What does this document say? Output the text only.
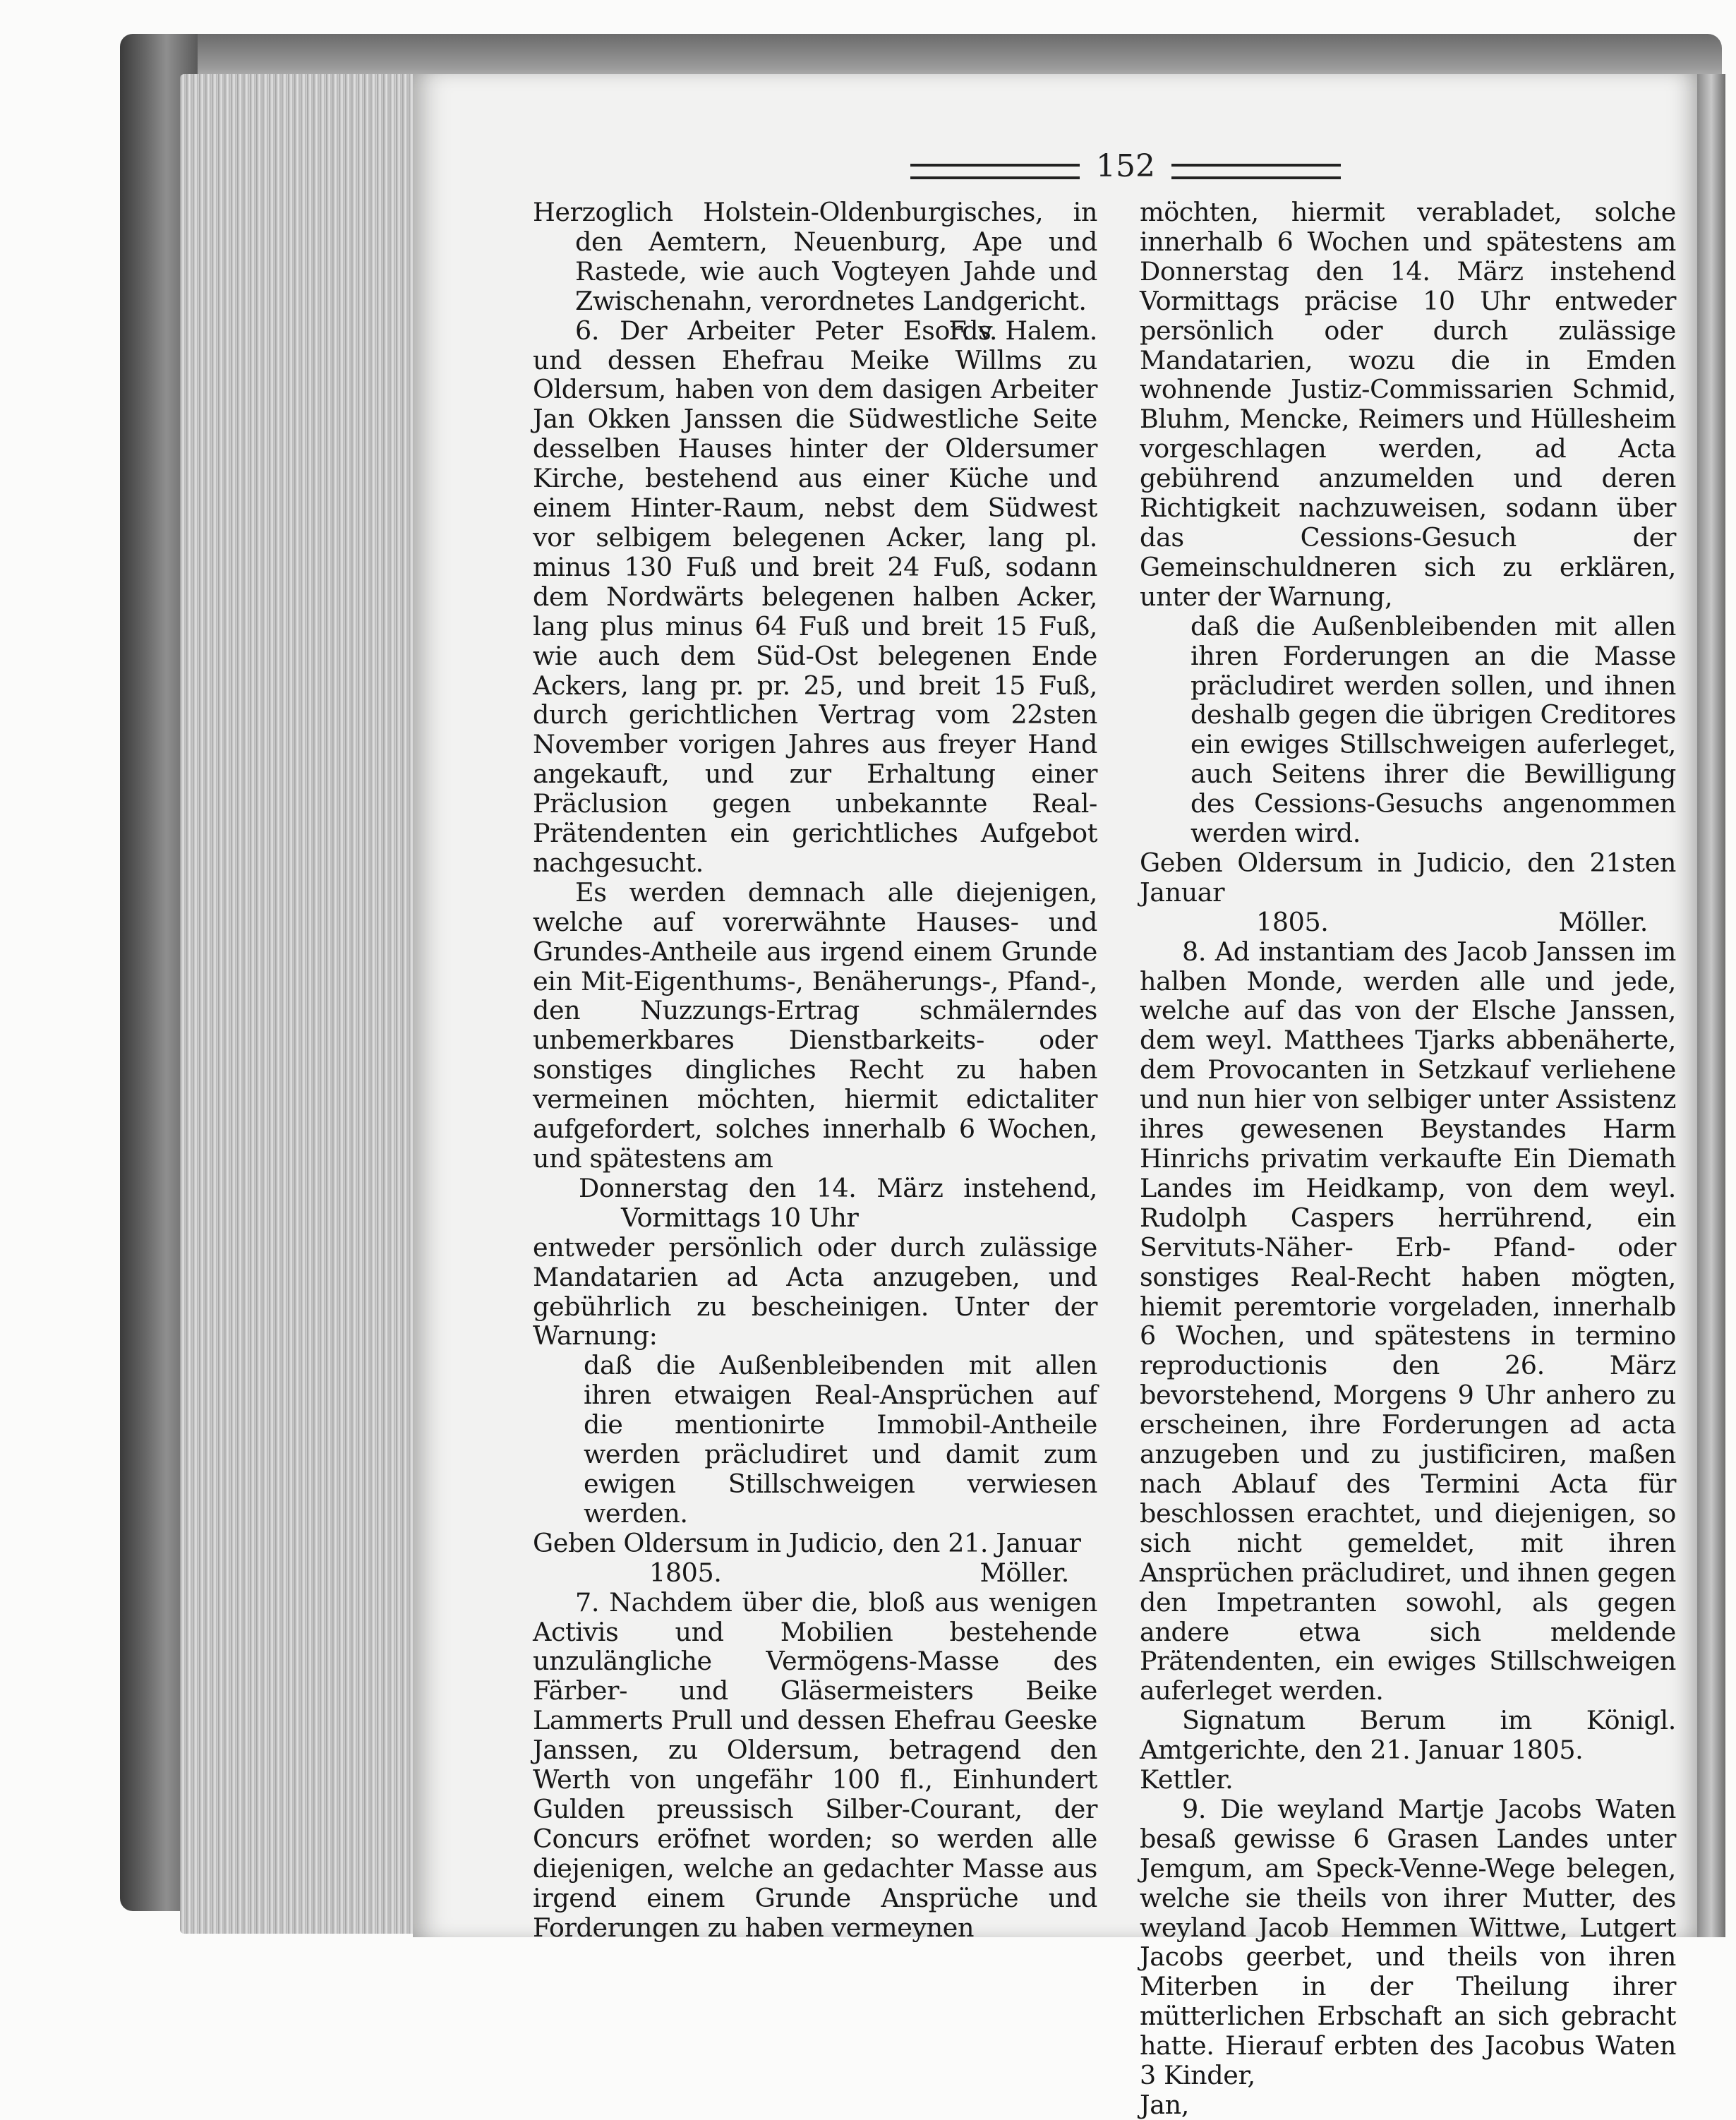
152

Herzoglich Holstein-Oldenburgisches, in den Aemtern, Neuenburg, Ape und Rastede, wie auch Vogteyen Jahde und Zwischenahn, verordnetes Landgericht.
F. v. Halem.

6. Der Arbeiter Peter Esords und dessen Ehefrau Meike Willms zu Oldersum, haben von dem dasigen Arbeiter Jan Okken Janssen die Südwestliche Seite desselben Hauses hinter der Oldersumer Kirche, bestehend aus einer Küche und einem Hinter-Raum, nebst dem Südwest vor selbigem belegenen Acker, lang pl. minus 130 Fuß und breit 24 Fuß, sodann dem Nordwärts belegenen halben Acker, lang plus minus 64 Fuß und breit 15 Fuß, wie auch dem Süd-Ost belegenen Ende Ackers, lang pr. pr. 25, und breit 15 Fuß, durch gerichtlichen Vertrag vom 22sten November vorigen Jahres aus freyer Hand angekauft, und zur Erhaltung einer Präclusion gegen unbekannte Real-Prätendenten ein gerichtliches Aufgebot nachgesucht.

Es werden demnach alle diejenigen, welche auf vorerwähnte Hauses- und Grundes-Antheile aus irgend einem Grunde ein Mit-Eigenthums-, Benäherungs-, Pfand-, den Nuzzungs-Ertrag schmälerndes unbemerkbares Dienstbarkeits- oder sonstiges dingliches Recht zu haben vermeinen möchten, hiermit edictaliter aufgefordert, solches innerhalb 6 Wochen, und spätestens am

Donnerstag den 14. März instehend, Vormittags 10 Uhr

entweder persönlich oder durch zulässige Mandatarien ad Acta anzugeben, und gebührlich zu bescheinigen. Unter der Warnung:

daß die Außenbleibenden mit allen ihren etwaigen Real-Ansprüchen auf die mentionirte Immobil-Antheile werden präcludiret und damit zum ewigen Stillschweigen verwiesen werden.

Geben Oldersum in Judicio, den 21. Januar

1805.	Möller.

7. Nachdem über die, bloß aus wenigen Activis und Mobilien bestehende unzulängliche Vermögens-Masse des Färber- und Gläsermeisters Beike Lammerts Prull und dessen Ehefrau Geeske Janssen, zu Oldersum, betragend den Werth von ungefähr 100 fl., Einhundert Gulden preussisch Silber-Courant, der Concurs eröfnet worden; so werden alle diejenigen, welche an gedachter Masse aus irgend einem Grunde Ansprüche und Forderungen zu haben vermeynen

möchten, hiermit verabladet, solche innerhalb 6 Wochen und spätestens am Donnerstag den 14. März instehend Vormittags präcise 10 Uhr entweder persönlich oder durch zulässige Mandatarien, wozu die in Emden wohnende Justiz-Commissarien Schmid, Bluhm, Mencke, Reimers und Hüllesheim vorgeschlagen werden, ad Acta gebührend anzumelden und deren Richtigkeit nachzuweisen, sodann über das Cessions-Gesuch der Gemeinschuldneren sich zu erklären, unter der Warnung,

daß die Außenbleibenden mit allen ihren Forderungen an die Masse präcludiret werden sollen, und ihnen deshalb gegen die übrigen Creditores ein ewiges Stillschweigen auferleget, auch Seitens ihrer die Bewilligung des Cessions-Gesuchs angenommen werden wird.

Geben Oldersum in Judicio, den 21sten Januar

1805.	Möller.

8. Ad instantiam des Jacob Janssen im halben Monde, werden alle und jede, welche auf das von der Elsche Janssen, dem weyl. Matthees Tjarks abbenäherte, dem Provocanten in Setzkauf verliehene und nun hier von selbiger unter Assistenz ihres gewesenen Beystandes Harm Hinrichs privatim verkaufte Ein Diemath Landes im Heidkamp, von dem weyl. Rudolph Caspers herrührend, ein Servituts-Näher- Erb- Pfand- oder sonstiges Real-Recht haben mögten, hiemit peremtorie vorgeladen, innerhalb 6 Wochen, und spätestens in termino reproductionis den 26. März bevorstehend, Morgens 9 Uhr anhero zu erscheinen, ihre Forderungen ad acta anzugeben und zu justificiren, maßen nach Ablauf des Termini Acta für beschlossen erachtet, und diejenigen, so sich nicht gemeldet, mit ihren Ansprüchen präcludiret, und ihnen gegen den Impetranten sowohl, als gegen andere etwa sich meldende Prätendenten, ein ewiges Stillschweigen auferleget werden.

Signatum Berum im Königl. Amtgerichte, den 21. Januar 1805.

Kettler.

9. Die weyland Martje Jacobs Waten besaß gewisse 6 Grasen Landes unter Jemgum, am Speck-Venne-Wege belegen, welche sie theils von ihrer Mutter, des weyland Jacob Hemmen Wittwe, Lutgert Jacobs geerbet, und theils von ihren Miterben in der Theilung ihrer mütterlichen Erbschaft an sich gebracht hatte. Hierauf erbten des Jacobus Waten 3 Kinder,

Jan,
